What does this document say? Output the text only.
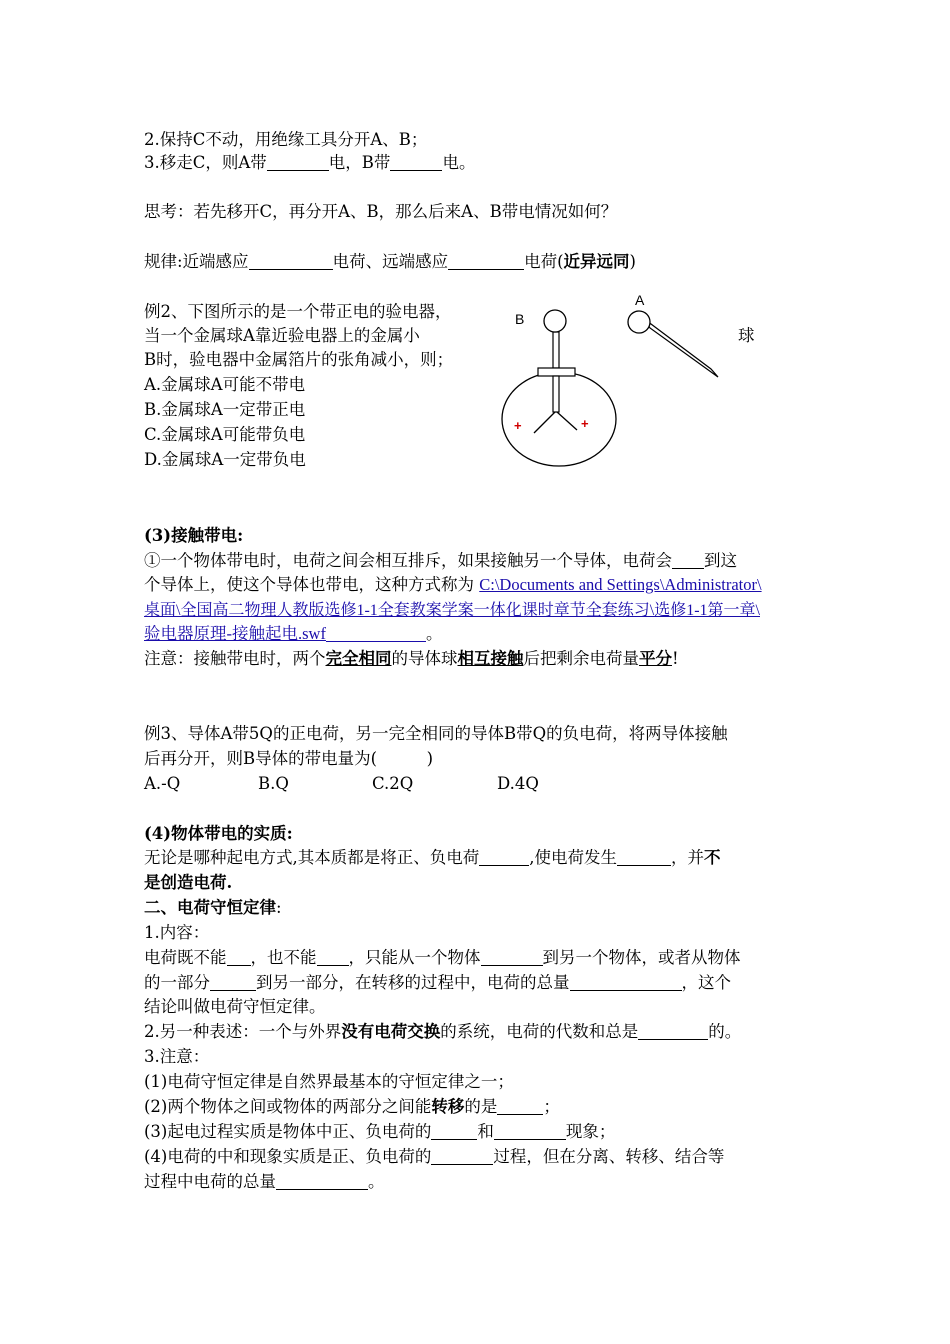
2.保持C不动，用绝缘工具分开A、B；
3.移走C，则A带	电，B带	电。
思考：若先移开C，再分开A、B，那么后来A、B带电情况如何？
规律:近端感应	电荷、远端感应	电荷(近异远同)
例2、下图所示的是一个带正电的验电器，
当一个金属球A靠近验电器上的金属小	球
B时，验电器中金属箔片的张角减小，则；
A.金属球A可能不带电
B.金属球A一定带正电
C.金属球A可能带负电
D.金属球A一定带负电
A
B
+	+
(3)接触带电:
①一个物体带电时，电荷之间会相互排斥，如果接触另一个导体，电荷会 到这
个导体上，使这个导体也带电，这种方式称为 C:\Documents and Settings\Administrator\
桌面\全国高二物理人教版选修1-1全套教案学案一体化课时章节全套练习\选修1-1第一章\
验电器原理-接触起电.swf	。
注意：接触带电时，两个完全相同的导体球相互接触后把剩余电荷量平分!
例3、导体A带5Q的正电荷，另一完全相同的导体B带Q的负电荷，将两导体接触
后再分开，则B导体的带电量为(　　　)
A.-Q	B.Q	C.2Q	D.4Q
(4)物体带电的实质:
无论是哪种起电方式,其本质都是将正、负电荷	,使电荷发生	，并不
是创造电荷.
二、电荷守恒定律:
1.内容：
电荷既不能 ，也不能 ，只能从一个物体	到另一个物体，或者从物体
的一部分	到另一部分，在转移的过程中，电荷的总量	，这个
结论叫做电荷守恒定律。
2.另一种表述：一个与外界没有电荷交换的系统，电荷的代数和总是	的。
3.注意：
(1)电荷守恒定律是自然界最基本的守恒定律之一；
(2)两个物体之间或物体的两部分之间能转移的是	；
(3)起电过程实质是物体中正、负电荷的	和	现象；
(4)电荷的中和现象实质是正、负电荷的	过程，但在分离、转移、结合等
过程中电荷的总量	。
